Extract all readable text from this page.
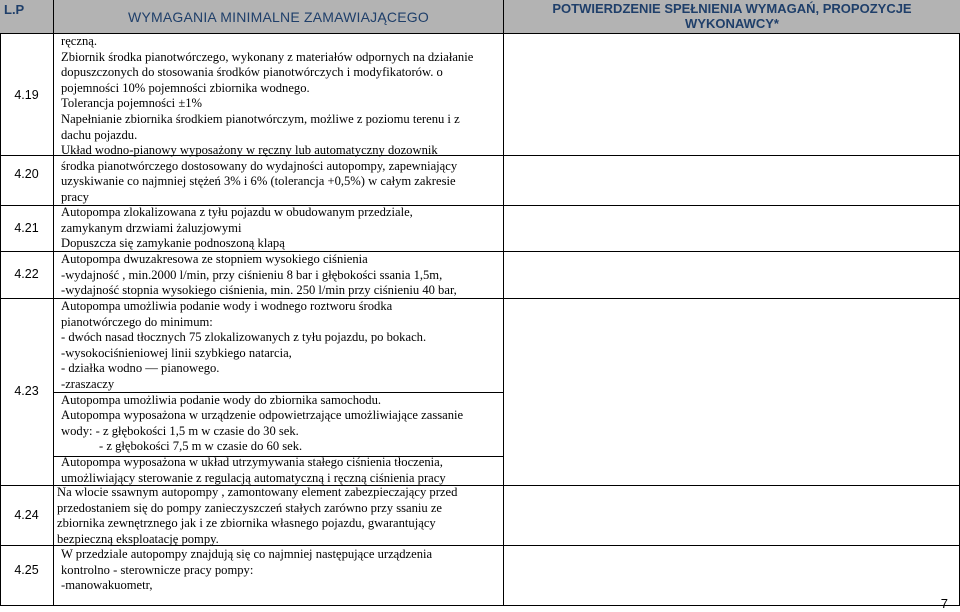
L.P	WYMAGANIA MINIMALNE ZAMAWIAJĄCEGO
POTWIERDZENIE SPEŁNIENIA WYMAGAŃ, PROPOZYCJE WYKONAWCY*
4.19
4.20
4.21
4.22
4.23
4.24
4.25
ręczną.
Zbiornik środka pianotwórczego, wykonany z materiałów odpornych na działanie
dopuszczonych do stosowania środków pianotwórczych i modyfikatorów. o
pojemności 10% pojemności zbiornika wodnego.
Tolerancja pojemności ±1%
Napełnianie zbiornika środkiem pianotwórczym, możliwe z poziomu terenu i z
dachu pojazdu.
Układ wodno-pianowy wyposażony w ręczny lub automatyczny dozownik
środka pianotwórczego dostosowany do wydajności autopompy, zapewniający
uzyskiwanie co najmniej stężeń 3% i 6% (tolerancja +0,5%) w całym zakresie
pracy
Autopompa zlokalizowana z tyłu pojazdu w obudowanym przedziale,
zamykanym drzwiami żaluzjowymi
Dopuszcza się zamykanie podnoszoną klapą
Autopompa dwuzakresowa ze stopniem wysokiego ciśnienia
-wydajność , min.2000 l/min, przy ciśnieniu 8 bar i głębokości ssania 1,5m,
-wydajność stopnia wysokiego ciśnienia, min. 250 l/min przy ciśnieniu 40 bar,
Autopompa umożliwia podanie wody i wodnego roztworu środka
pianotwórczego do minimum:
- dwóch nasad tłocznych 75 zlokalizowanych z tyłu pojazdu, po bokach.
-wysokociśnieniowej linii szybkiego natarcia,
- działka wodno — pianowego.
-zraszaczy
Autopompa umożliwia podanie wody do zbiornika samochodu.
Autopompa wyposażona w urządzenie odpowietrzające umożliwiające zassanie
wody: - z głębokości 1,5 m w czasie do 30 sek.
- z głębokości 7,5 m w czasie do 60 sek.
Autopompa wyposażona w układ utrzymywania stałego ciśnienia tłoczenia,
umożliwiający sterowanie z regulacją automatyczną i ręczną ciśnienia pracy
Na wlocie ssawnym autopompy , zamontowany element zabezpieczający przed
przedostaniem się do pompy zanieczyszczeń stałych zarówno przy ssaniu ze
zbiornika zewnętrznego jak i ze zbiornika własnego pojazdu, gwarantujący
bezpieczną eksploatację pompy.
W przedziale autopompy znajdują się co najmniej następujące urządzenia
kontrolno - sterownicze pracy pompy:
-manowakuometr,
7
